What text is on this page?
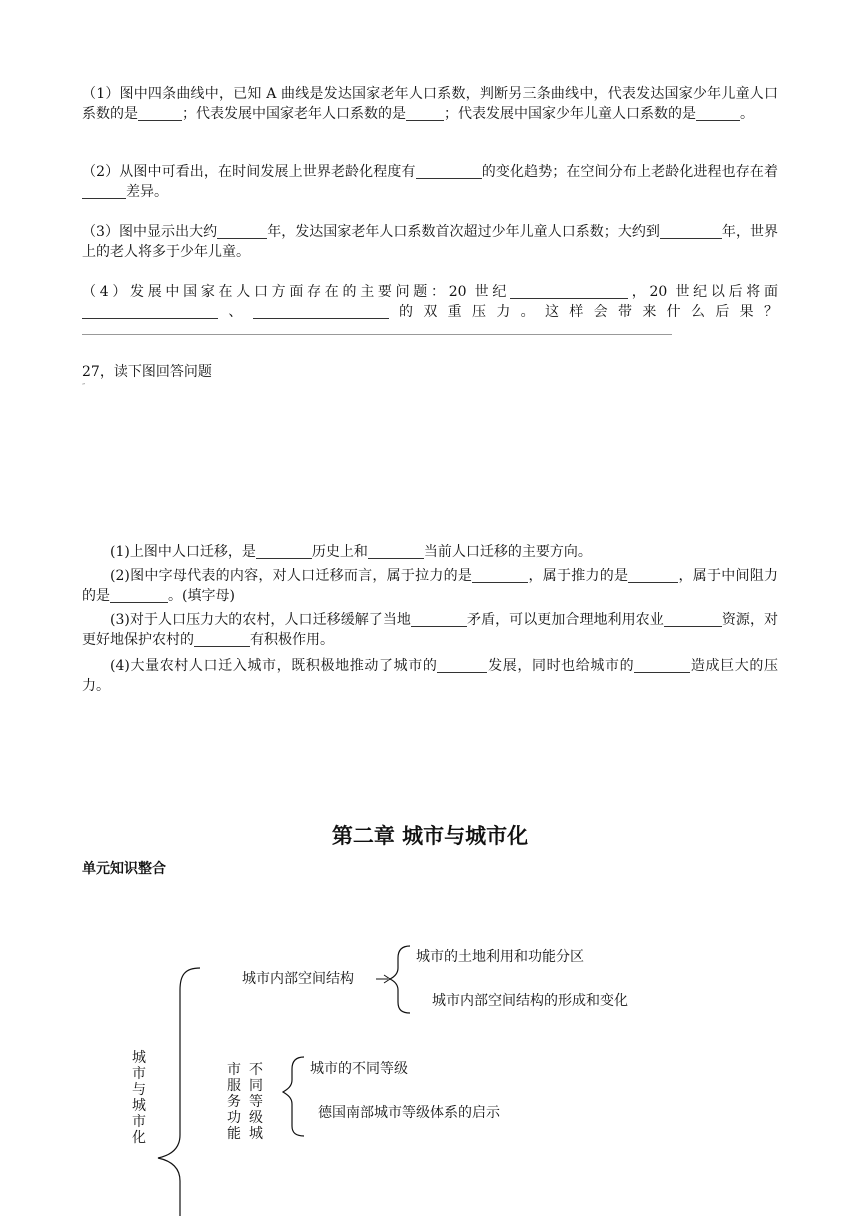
（1）图中四条曲线中，已知 A 曲线是发达国家老年人口系数，判断另三条曲线中，代表发达国家少年儿童人口系数的是	；代表发展中国家老年人口系数的是	；代表发展中国家少年儿童人口系数的是	。

（2）从图中可看出，在时间发展上世界老龄化程度有	的变化趋势；在空间分布上老龄化进程也存在着差异。

（3）图中显示出大约	年，发达国家老年人口系数首次超过少年儿童人口系数；大约到	年，世界上的老人将多于少年儿童。

（4）发展中国家在人口方面存在的主要问题：20 世纪	，20 世纪以后将面
、	的双重压力。这样会带来什么后果？

27，读下图回答问题

”

(1)上图中人口迁移，是	历史上和	当前人口迁移的主要方向。

(2)图中字母代表的内容，对人口迁移而言，属于拉力的是	，属于推力的是	，属于中间阻力的是	。(填字母)

(3)对于人口压力大的农村，人口迁移缓解了当地	矛盾，可以更加合理地利用农业	资源，对更好地保护农村的	有积极作用。

(4)大量农村人口迁入城市，既积极地推动了城市的	发展，同时也给城市的	造成巨大的压力。

第二章 城市与城市化
单元知识整合
城市与城市化
城市内部空间结构
城市的土地利用和功能分区
城市内部空间结构的形成和变化
市服务功能
不同等级城
城市的不同等级
德国南部城市等级体系的启示
